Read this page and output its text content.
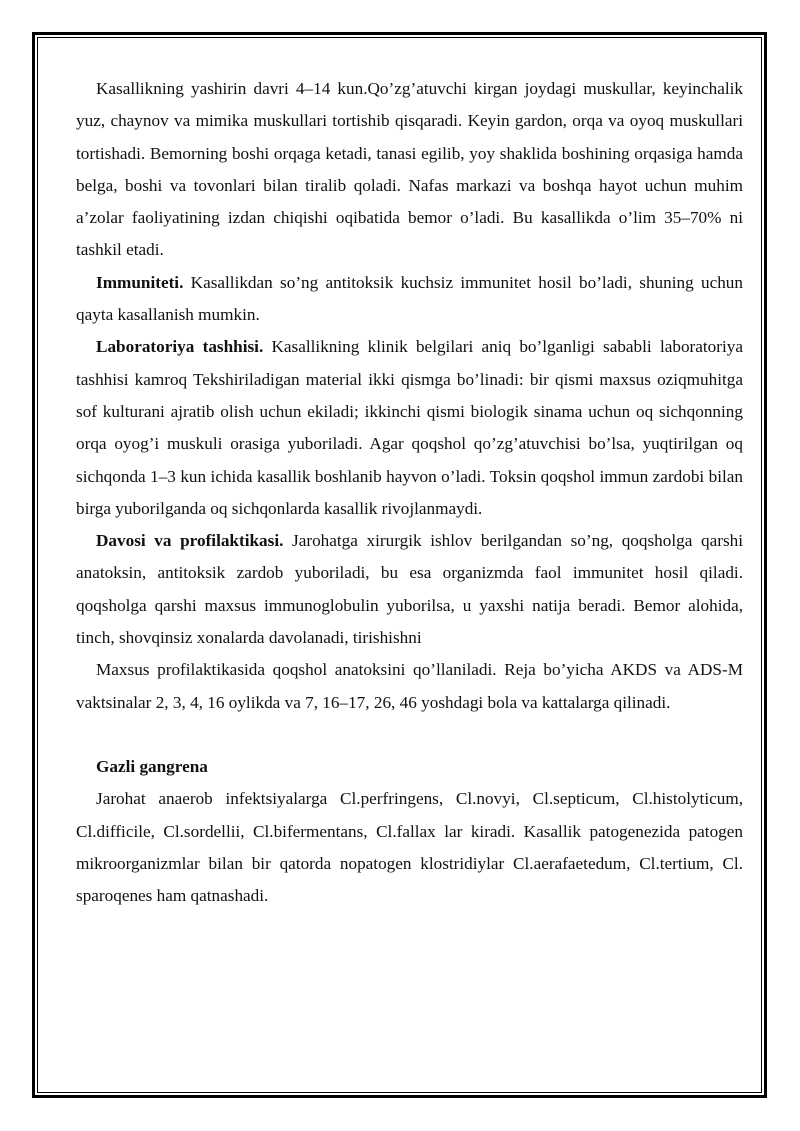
Kasallikning yashirin davri 4–14 kun.Qo’zg’atuvchi kirgan joydagi muskullar, keyinchalik yuz, chaynov va mimika muskullari tortishib qisqaradi. Keyin gardon, orqa va oyoq muskullari tortishadi. Bemorning boshi orqaga ketadi, tanasi egilib, yoy shaklida boshining orqasiga hamda belga, boshi va tovonlari bilan tiralib qoladi. Nafas markazi va boshqa hayot uchun muhim a’zolar faoliyatining izdan chiqishi oqibatida bemor o’ladi. Bu kasallikda o’lim 35–70% ni tashkil etadi.

Immuniteti. Kasallikdan so’ng antitoksik kuchsiz immunitet hosil bo’ladi, shuning uchun qayta kasallanish mumkin.

Laboratoriya tashhisi. Kasallikning klinik belgilari aniq bo’lganligi sababli laboratoriya tashhisi kamroq Tekshiriladigan material ikki qismga bo’linadi: bir qismi maxsus oziqmuhitga sof kulturani ajratib olish uchun ekiladi; ikkinchi qismi biologik sinama uchun oq sichqonning orqa oyog’i muskuli orasiga yuboriladi. Agar qoqshol qo’zg’atuvchisi bo’lsa, yuqtirilgan oq sichqonda 1–3 kun ichida kasallik boshlanib hayvon o’ladi. Toksin qoqshol immun zardobi bilan birga yuborilganda oq sichqonlarda kasallik rivojlanmaydi.

Davosi va profilaktikasi. Jarohatga xirurgik ishlov berilgandan so’ng, qoqsholga qarshi anatoksin, antitoksik zardob yuboriladi, bu esa organizmda faol immunitet hosil qiladi. qoqsholga qarshi maxsus immunoglobulin yuborilsa, u yaxshi natija beradi. Bemor alohida, tinch, shovqinsiz xonalarda davolanadi, tirishishni

Maxsus profilaktikasida qoqshol anatoksini qo’llaniladi. Reja bo’yicha AKDS va ADS-M vaktsinalar 2, 3, 4, 16 oylikda va 7, 16–17, 26, 46 yoshdagi bola va kattalarga qilinadi.

Gazli gangrena

Jarohat anaerob infektsiyalarga Cl.perfringens, Cl.novyi, Cl.septicum, Cl.histolyticum, Cl.difficile, Cl.sordellii, Cl.bifermentans, Cl.fallax lar kiradi. Kasallik patogenezida patogen mikroorganizmlar bilan bir qatorda nopatogen klostridiylar Cl.aerafaetedum, Cl.tertium, Cl. sparoqenes ham qatnashadi.
